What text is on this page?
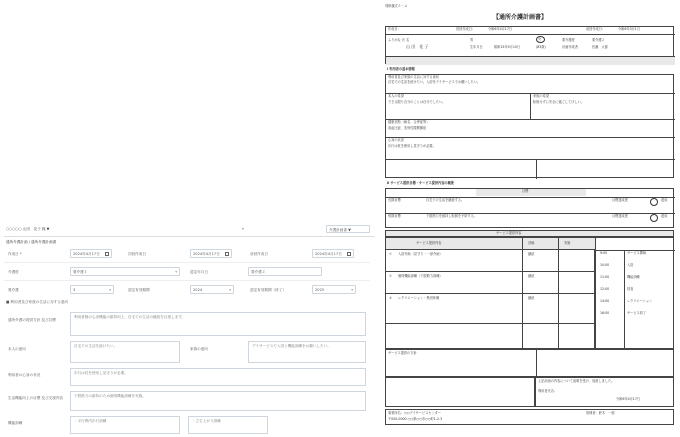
○○○○○ 山田　花子 様 ▼	▾	介護計画書 ▼
通所介護計画 / 通所介護計画書
作成日 *	2024年4月17日	初回作成日	2024年4月17日	前回作成日	2024年4月17日
介護度	要介護１	▾	認定年月日	要介護２
要介護	3	▾	認定有効期間	2024	▾	認定有効期間（終了）	2025	▾
■ 利用者及び家族の生活に対する意向
通所介護の提供方針 及び目標
利用者様の心身機能の維持向上、自宅での生活の継続を目指します。
本人の意向
自宅での生活を続けたい。
家族の意向
デイサービスで入浴と機能訓練をお願いしたい。
利用者の心身の状況	歩行は杖を使用し見守りが必要。
生活機能向上の目標 及び支援内容	下肢筋力の維持のため個別機能訓練を実施。
機能訓練	・平行棒内歩行訓練	・立ち上がり訓練
別紙様式５－４
【通所介護計画書】
作成日：	初回作成日：	令和6年4月17日	前回作成日：	令和6年3月1日
ふりがな 氏 名
山 田　花 子
男	女
生年月日	昭和15年5月10日	(83歳)
要介護度	要介護２
計画作成者	佐藤　太郎
Ⅰ 利用者の基本情報
利用者及び家族の生活に対する意向
自宅での生活を続けたい。入浴をデイサービスでお願いしたい。
本人の希望
できる限り自分のことは自分でしたい。
家族の希望
転倒せずに安全に過ごしてほしい。
健康状態（病名、合併症等）
高血圧症、変形性膝関節症
心身の状況
歩行は杖を使用し見守りが必要。
Ⅱ サービス提供目標・サービス提供内容の概要
目標
長期目標	自宅での生活を継続する。	目標達成度	達成
短期目標	下肢筋力を維持し転倒を予防する。	目標達成度	達成
サービス提供内容
サービス提供内容	評価	実施
① 入浴介助（見守り・一部介助）	継続
② 個別機能訓練（下肢筋力訓練）	継続
③ レクリエーション・集団体操	継続
9:00	サービス開始
10:00	入浴
11:00	機能訓練
12:00	昼食
14:00	レクリエーション
16:00	サービス終了
サービス提供の方針
上記計画の内容について説明を受け、同意しました。
利用者氏名：
令和6年4月17日
事業所名：○○デイサービスセンター
〒000-0000 ○○県○○市○○町1-2-3
管理者：鈴木　一郎
